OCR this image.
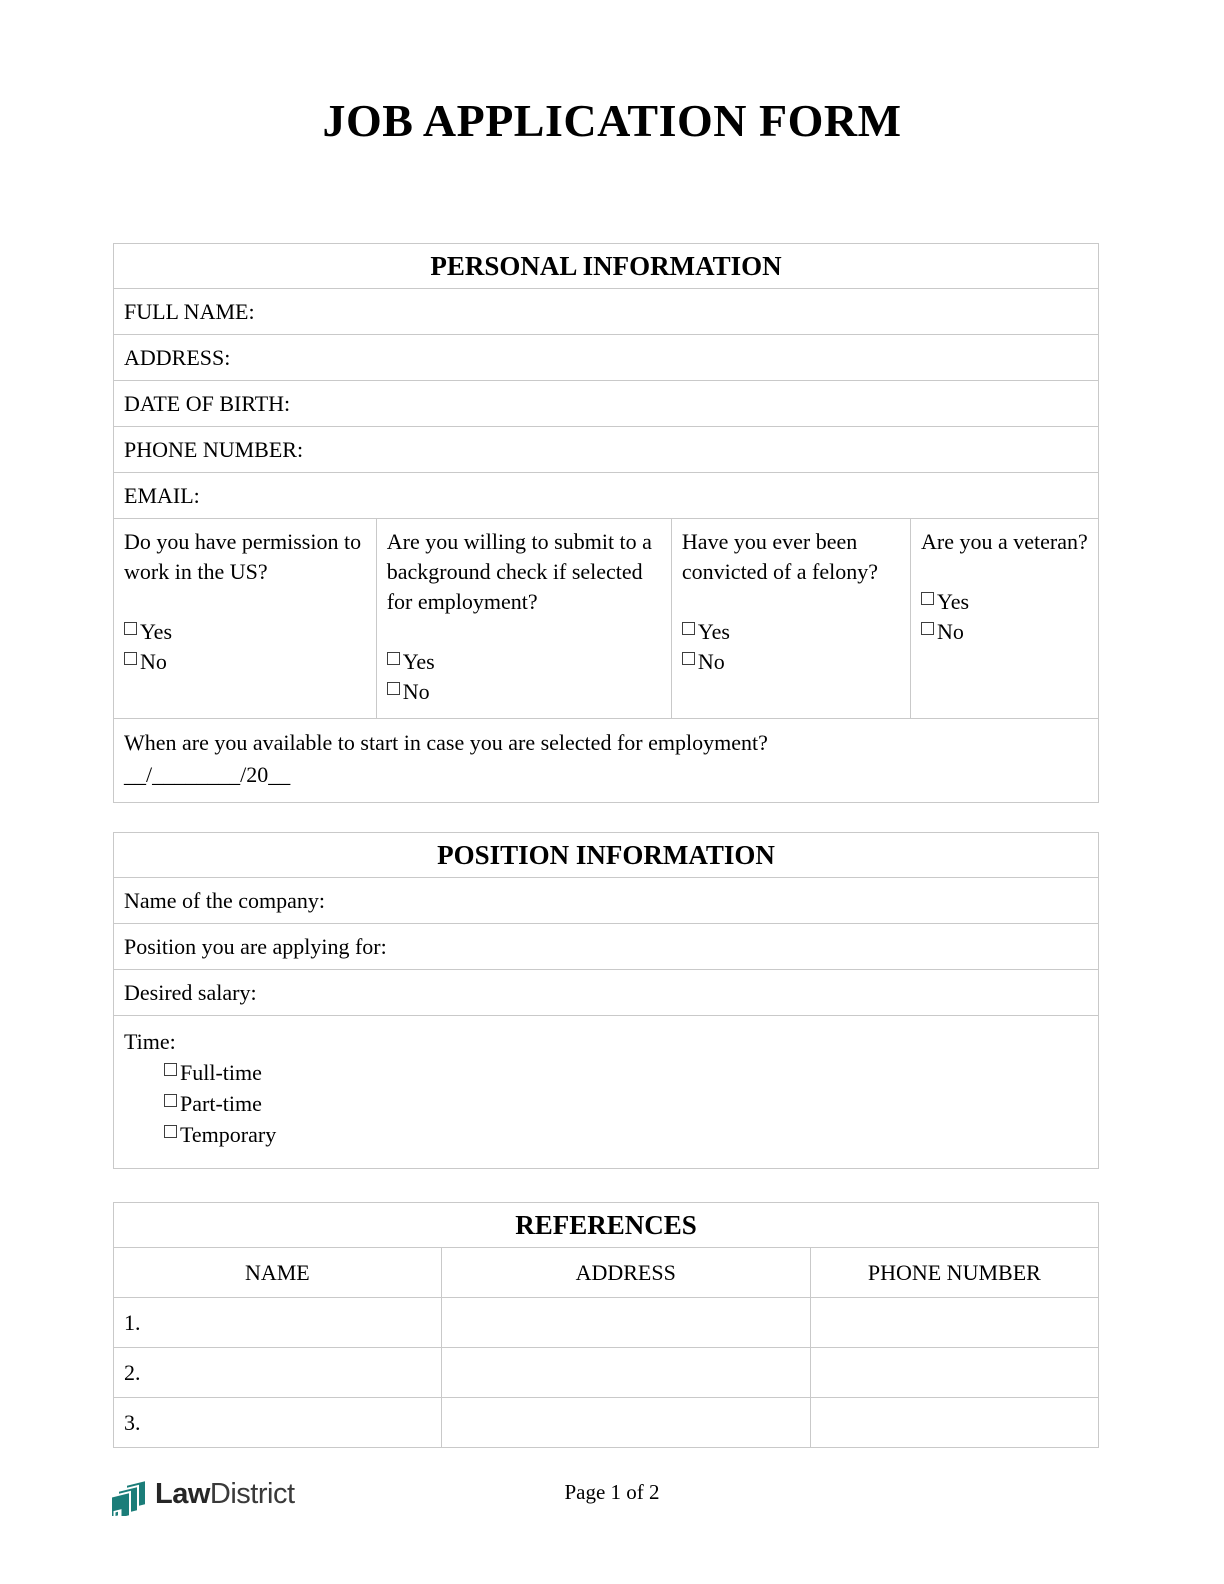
JOB APPLICATION FORM
PERSONAL INFORMATION
FULL NAME:
ADDRESS:
DATE OF BIRTH:
PHONE NUMBER:
EMAIL:
Do you have permission to work in the US?
Yes
No
Are you willing to submit to a background check if selected for employment?
Yes
No
Have you ever been convicted of a felony?
Yes
No
Are you a veteran?
Yes
No
When are you available to start in case you are selected for employment?
__/________/20__
POSITION INFORMATION
Name of the company:
Position you are applying for:
Desired salary:
Time:
Full-time
Part-time
Temporary
REFERENCES
NAME	ADDRESS	PHONE NUMBER
1.
2.
3.
Law District	Page 1 of 2
